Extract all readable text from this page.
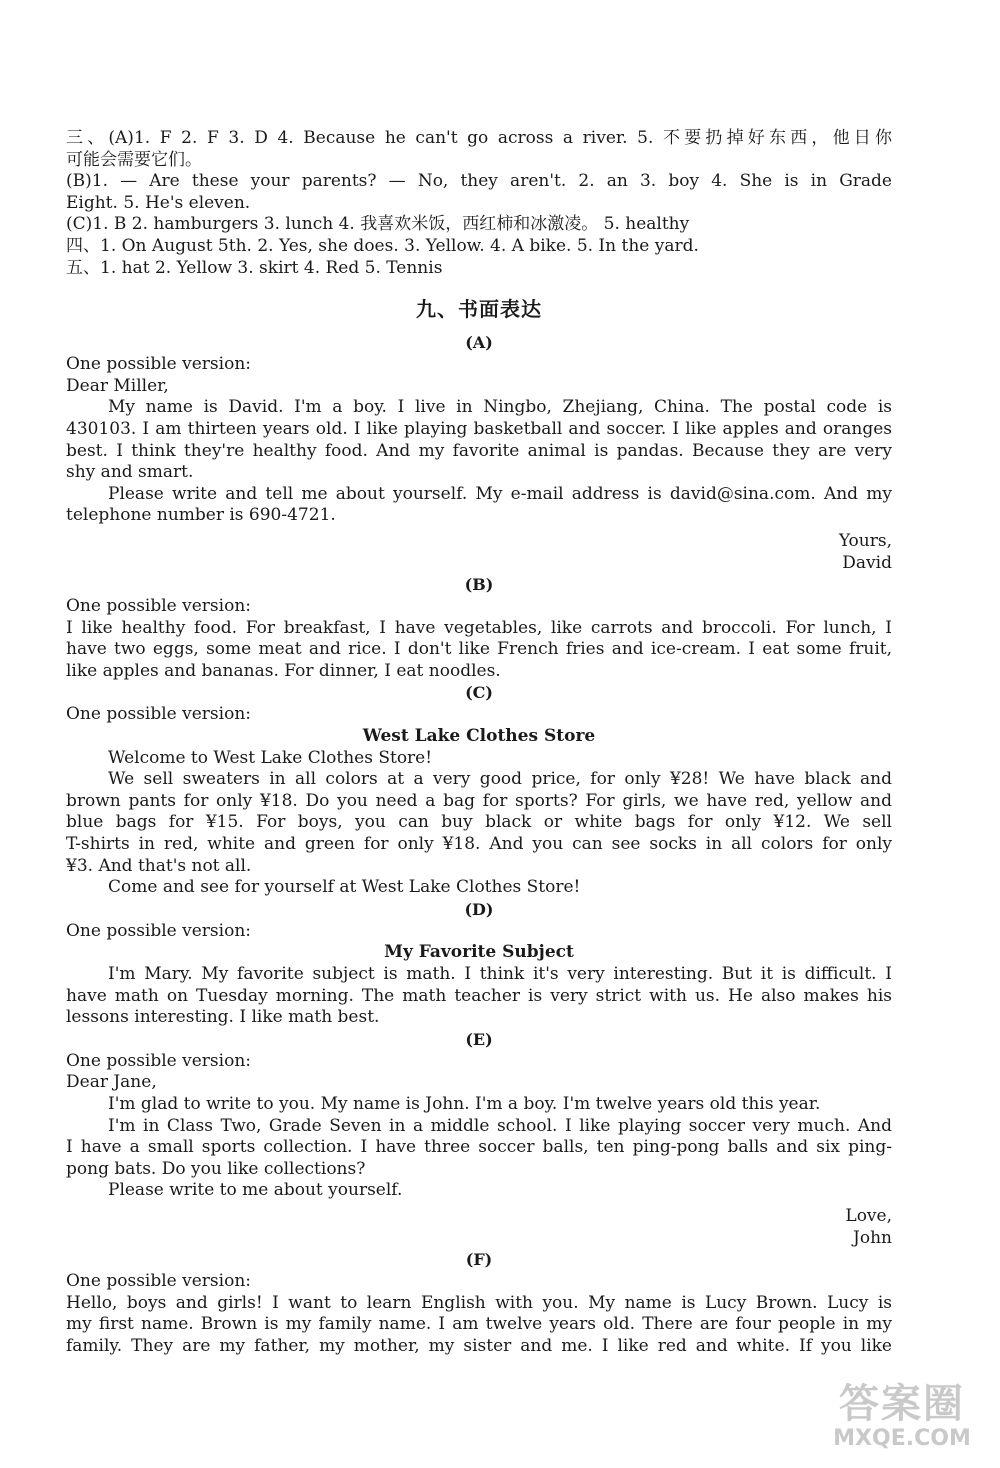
三、(A)1. F 2. F 3. D 4. Because he can't go across a river. 5. 不要扔掉好东西，他日你
可能会需要它们。
(B)1. — Are these your parents? — No, they aren't. 2. an 3. boy 4. She is in Grade
Eight. 5. He's eleven.
(C)1. B 2. hamburgers 3. lunch 4. 我喜欢米饭，西红柿和冰激凌。 5. healthy
四、1. On August 5th. 2. Yes, she does. 3. Yellow. 4. A bike. 5. In the yard.
五、1. hat 2. Yellow 3. skirt 4. Red 5. Tennis
九、书面表达
(A)
One possible version:
Dear Miller,
My name is David. I'm a boy. I live in Ningbo, Zhejiang, China. The postal code is
430103. I am thirteen years old. I like playing basketball and soccer. I like apples and oranges
best. I think they're healthy food. And my favorite animal is pandas. Because they are very
shy and smart.
Please write and tell me about yourself. My e-mail address is david@sina.com. And my
telephone number is 690-4721.
Yours,
David
(B)
One possible version:
I like healthy food. For breakfast, I have vegetables, like carrots and broccoli. For lunch, I
have two eggs, some meat and rice. I don't like French fries and ice-cream. I eat some fruit,
like apples and bananas. For dinner, I eat noodles.
(C)
One possible version:
West Lake Clothes Store
Welcome to West Lake Clothes Store!
We sell sweaters in all colors at a very good price, for only ¥28! We have black and
brown pants for only ¥18. Do you need a bag for sports? For girls, we have red, yellow and
blue bags for ¥15. For boys, you can buy black or white bags for only ¥12. We sell
T-shirts in red, white and green for only ¥18. And you can see socks in all colors for only
¥3. And that's not all.
Come and see for yourself at West Lake Clothes Store!
(D)
One possible version:
My Favorite Subject
I'm Mary. My favorite subject is math. I think it's very interesting. But it is difficult. I
have math on Tuesday morning. The math teacher is very strict with us. He also makes his
lessons interesting. I like math best.
(E)
One possible version:
Dear Jane,
I'm glad to write to you. My name is John. I'm a boy. I'm twelve years old this year.
I'm in Class Two, Grade Seven in a middle school. I like playing soccer very much. And
I have a small sports collection. I have three soccer balls, ten ping-pong balls and six ping-
pong bats. Do you like collections?
Please write to me about yourself.
Love,
John
(F)
One possible version:
Hello, boys and girls! I want to learn English with you. My name is Lucy Brown. Lucy is
my first name. Brown is my family name. I am twelve years old. There are four people in my
family. They are my father, my mother, my sister and me. I like red and white. If you like
答案圈
MXQE.COM
